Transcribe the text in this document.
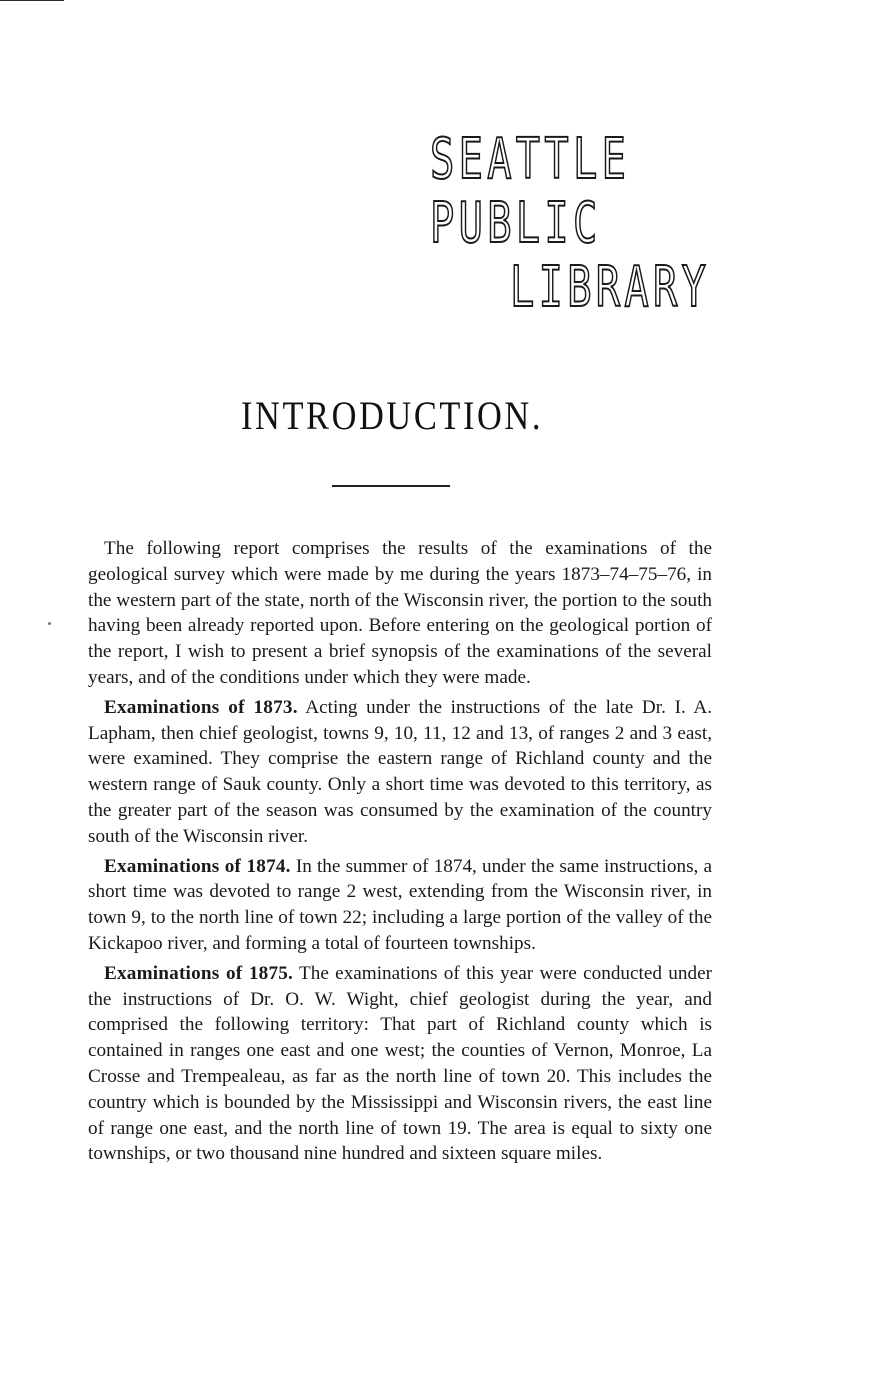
SEATTLE PUBLIC
LIBRARY
INTRODUCTION.

The following report comprises the results of the examinations of the geological survey which were made by me during the years 1873–74–75–76, in the western part of the state, north of the Wisconsin river, the portion to the south having been already reported upon. Before entering on the geological portion of the report, I wish to present a brief synopsis of the examinations of the several years, and of the conditions under which they were made.

Examinations of 1873. Acting under the instructions of the late Dr. I. A. Lapham, then chief geologist, towns 9, 10, 11, 12 and 13, of ranges 2 and 3 east, were examined. They comprise the eastern range of Richland county and the western range of Sauk county. Only a short time was devoted to this territory, as the greater part of the season was consumed by the examination of the country south of the Wisconsin river.

Examinations of 1874. In the summer of 1874, under the same instructions, a short time was devoted to range 2 west, extending from the Wisconsin river, in town 9, to the north line of town 22; including a large portion of the valley of the Kickapoo river, and forming a total of fourteen townships.

Examinations of 1875. The examinations of this year were conducted under the instructions of Dr. O. W. Wight, chief geologist during the year, and comprised the following territory: That part of Richland county which is contained in ranges one east and one west; the counties of Vernon, Monroe, La Crosse and Trempealeau, as far as the north line of town 20. This includes the country which is bounded by the Mississippi and Wisconsin rivers, the east line of range one east, and the north line of town 19. The area is equal to sixty one townships, or two thousand nine hundred and sixteen square miles.
